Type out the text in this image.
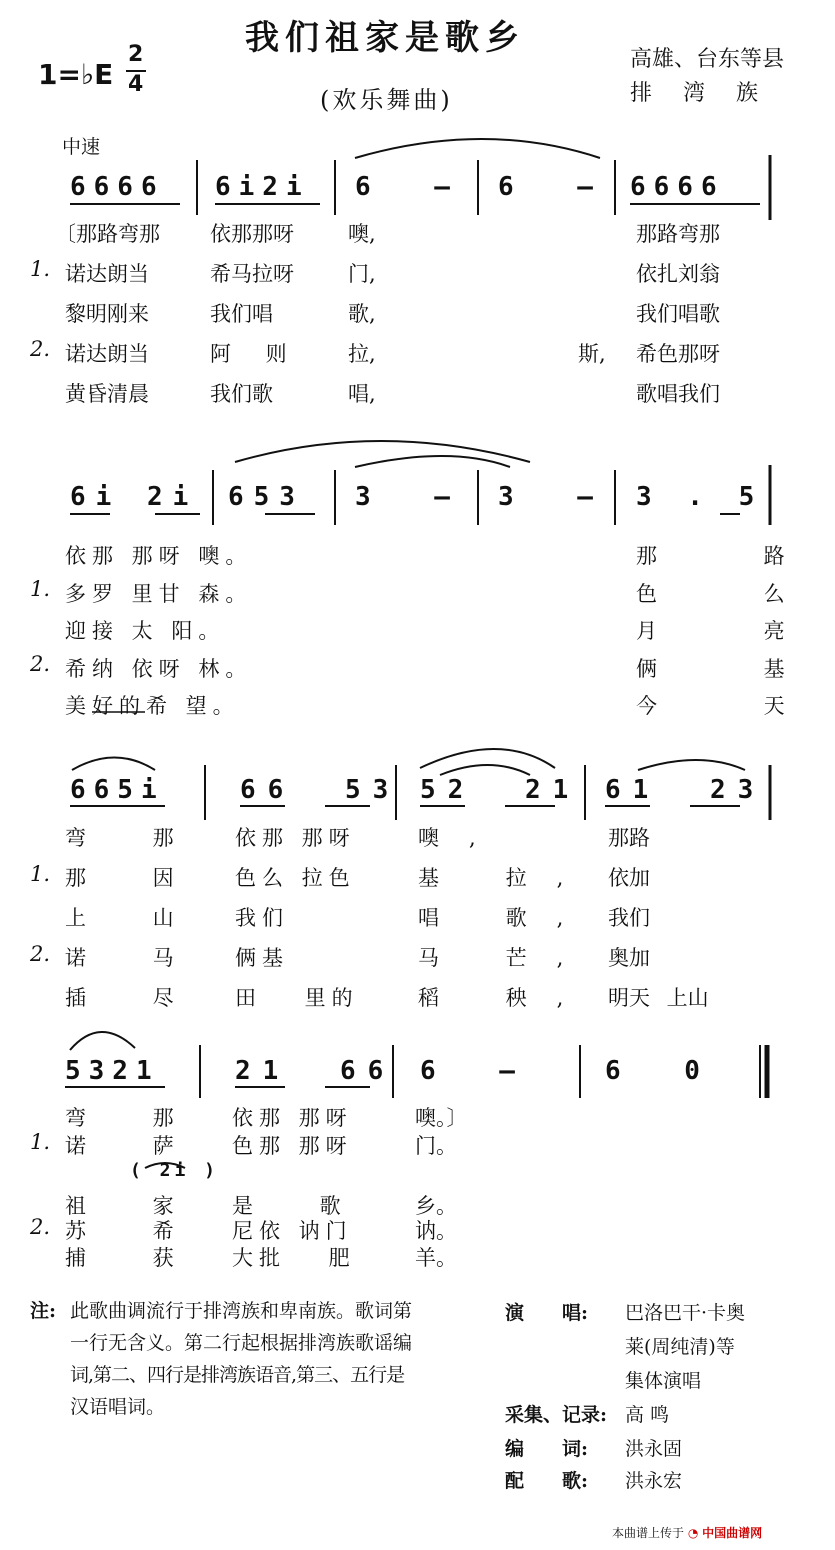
我们祖家是歌乡
(欢乐舞曲)
1=♭E
2
4
高雄、台东等县
排 湾 族
中速
6666 6i2i 6 – 6 – 6666
1.
2.
〔那路弯那 依那那呀	噢,	那路弯那
诺达朗当	希马拉呀	门,	依扎刘翁
黎明刚来	我们唱	歌,	我们唱歌
诺达朗当	阿 则 拉,	斯, 希色那呀
黄昏清晨	我们歌	唱,	歌唱我们
6i 2i 653 3 – 3 – 3 . 5
1.
2.
依那 那呀 噢。
多罗 里甘 森。
迎接 太 阳。
希纳 依呀 林。
美好的希 望。
那 路
色 么
月 亮
俩 基
今 天
665i	66 53 52 21 61 23
1.
2.
弯 那 依那 那呀	噢,	那路
那 因 色么 拉色	基 拉, 依加
上 山 我们	唱 歌, 我们
诺 马 俩基	马 芒, 奥加
插 尽 田 里的	稻 秧, 明天 上山
5321	21 66 6 –	6 0
1.
2.
弯 那 依那 那呀	噢。〕
诺 萨 色那 那呀	门。
( 2i )
祖 家 是 歌 乡。
苏 希 尼依 讷门	讷。
捕 获 大批 肥	羊。
注: 此歌曲调流行于排湾族和卑南族。歌词第
一行无含义。第二行起根据排湾族歌谣编
词,第二、四行是排湾族语音,第三、五行是
汉语唱词。
演　　唱: 巴洛巴干·卡奥
莱(周纯清)等
集体演唱
采集、记录: 高 鸣
编　　词: 洪永固
配　　歌: 洪永宏
本曲谱上传于 ◔ 中国曲谱网
